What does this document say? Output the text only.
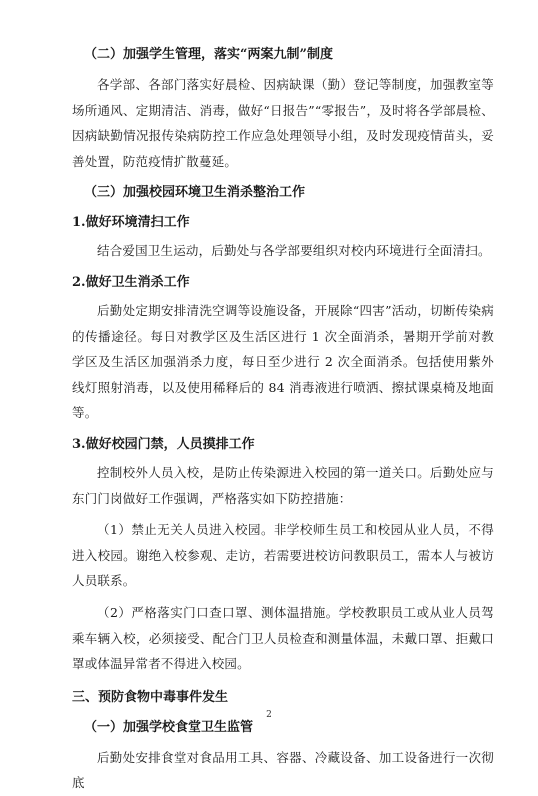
（二）加强学生管理，落实“两案九制”制度

各学部、各部门落实好晨检、因病缺课（勤）登记等制度，加强教室等场所通风、定期清洁、消毒，做好“日报告”“零报告”，及时将各学部晨检、因病缺勤情况报传染病防控工作应急处理领导小组，及时发现疫情苗头，妥善处置，防范疫情扩散蔓延。

（三）加强校园环境卫生消杀整治工作

1.做好环境清扫工作

结合爱国卫生运动，后勤处与各学部要组织对校内环境进行全面清扫。

2.做好卫生消杀工作

后勤处定期安排清洗空调等设施设备，开展除“四害”活动，切断传染病的传播途径。每日对教学区及生活区进行 1 次全面消杀，暑期开学前对教学区及生活区加强消杀力度，每日至少进行 2 次全面消杀。包括使用紫外线灯照射消毒，以及使用稀释后的 84 消毒液进行喷洒、擦拭课桌椅及地面等。

3.做好校园门禁，人员摸排工作

控制校外人员入校，是防止传染源进入校园的第一道关口。后勤处应与东门门岗做好工作强调，严格落实如下防控措施：

（1）禁止无关人员进入校园。非学校师生员工和校园从业人员，不得进入校园。谢绝入校参观、走访，若需要进校访问教职员工，需本人与被访人员联系。

（2）严格落实门口查口罩、测体温措施。学校教职员工或从业人员驾乘车辆入校，必须接受、配合门卫人员检查和测量体温，未戴口罩、拒戴口罩或体温异常者不得进入校园。

三、预防食物中毒事件发生

（一）加强学校食堂卫生监管

后勤处安排食堂对食品用工具、容器、冷藏设备、加工设备进行一次彻底

2
